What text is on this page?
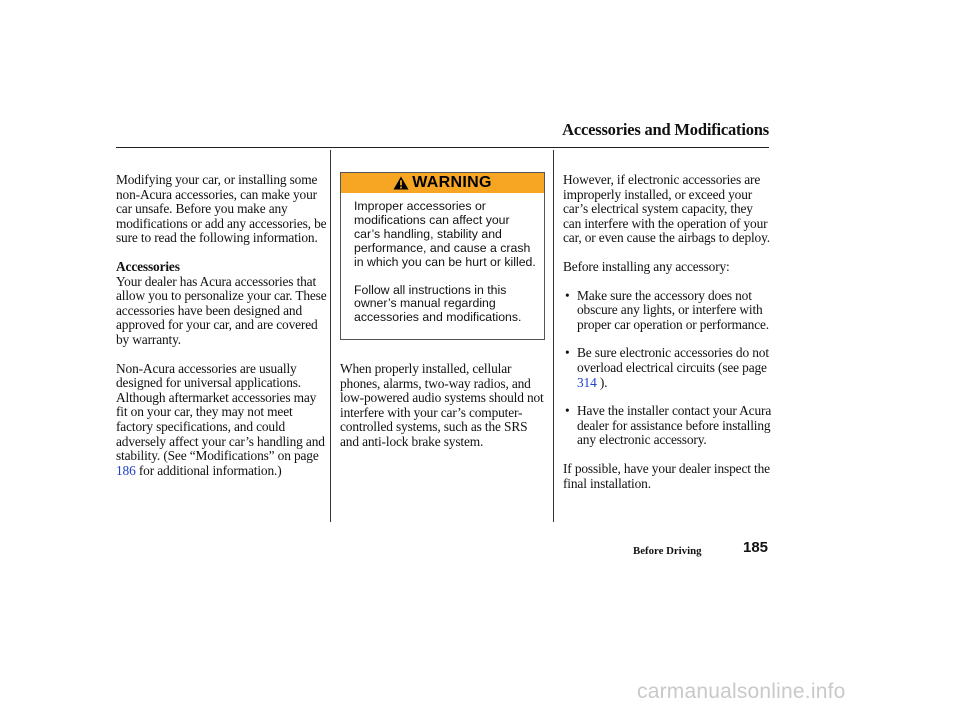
Accessories and Modifications

Modifying your car, or installing some non-Acura accessories, can make your car unsafe. Before you make any modifications or add any accessories, be sure to read the following information.

Accessories

Your dealer has Acura accessories that allow you to personalize your car. These accessories have been designed and approved for your car, and are covered by warranty.

Non-Acura accessories are usually designed for universal applications. Although aftermarket accessories may fit on your car, they may not meet factory specifications, and could adversely affect your car’s handling and stability. (See “Modifications” on page 186 for additional information.)

WARNING

Improper accessories or modifications can affect your car’s handling, stability and performance, and cause a crash in which you can be hurt or killed.

Follow all instructions in this owner’s manual regarding accessories and modifications.

When properly installed, cellular phones, alarms, two-way radios, and low-powered audio systems should not interfere with your car’s computer-controlled systems, such as the SRS and anti-lock brake system.

However, if electronic accessories are improperly installed, or exceed your car’s electrical system capacity, they can interfere with the operation of your car, or even cause the airbags to deploy.

Before installing any accessory:

• Make sure the accessory does not obscure any lights, or interfere with proper car operation or performance.
• Be sure electronic accessories do not overload electrical circuits (see page 314 ).
• Have the installer contact your Acura dealer for assistance before installing any electronic accessory.

If possible, have your dealer inspect the final installation.

Before Driving	185
carmanualsonline.info
